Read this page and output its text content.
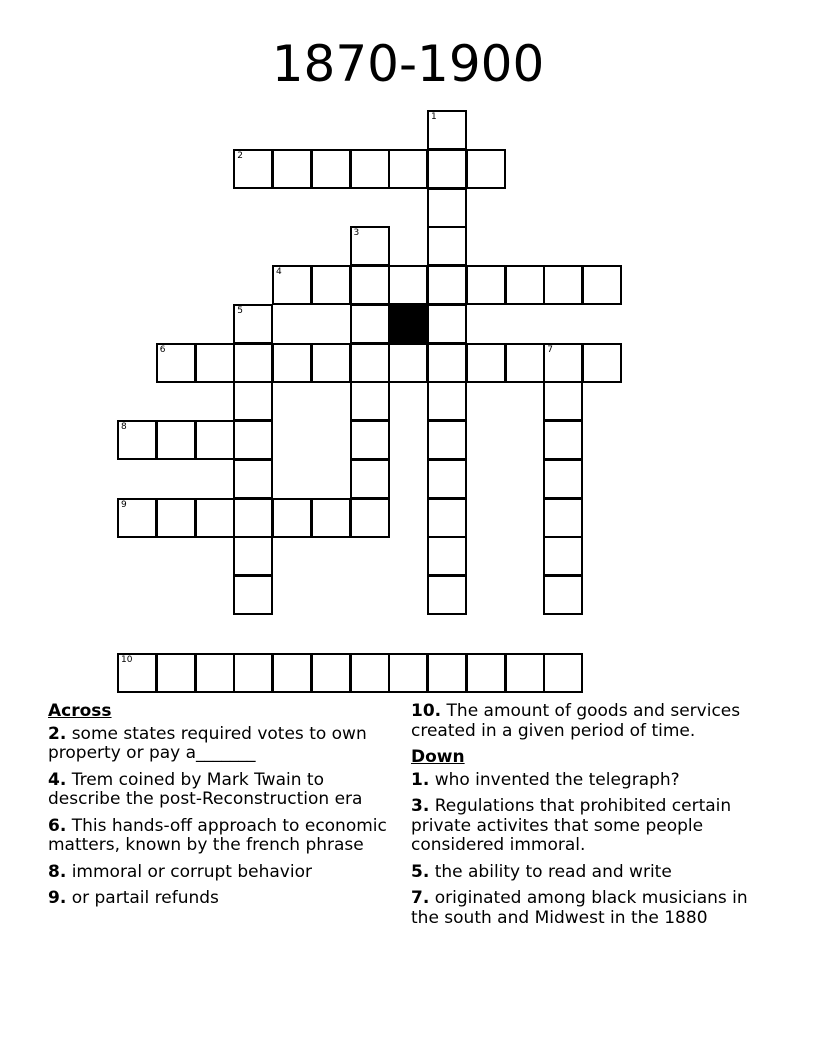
1870-1900
1
2
3
4
5
6	7
8
9
10
Across
2. some states required votes to own property or pay a_______
4. Trem coined by Mark Twain to describe the post-Reconstruction era
6. This hands-off approach to economic matters, known by the french phrase
8. immoral or corrupt behavior
9. or partail refunds
10. The amount of goods and services created in a given period of time.
Down
1. who invented the telegraph?
3. Regulations that prohibited certain private activites that some people considered immoral.
5. the ability to read and write
7. originated among black musicians in the south and Midwest in the 1880
